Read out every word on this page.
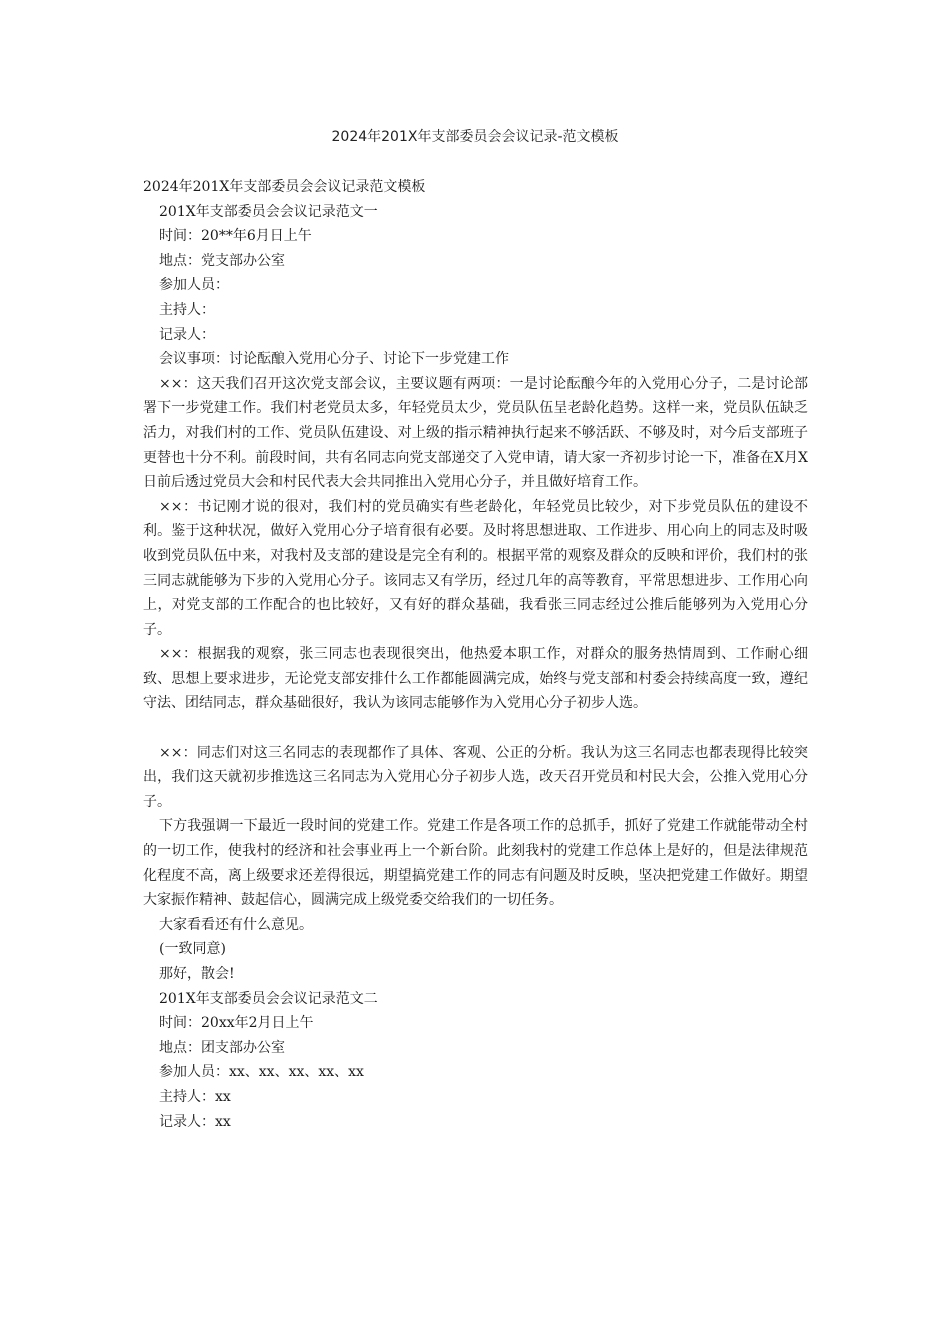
2024年201X年支部委员会会议记录-范文模板

2024年201X年支部委员会会议记录范文模板

201X年支部委员会会议记录范文一

时间：20**年6月日上午

地点：党支部办公室

参加人员：

主持人：

记录人：

会议事项：讨论酝酿入党用心分子、讨论下一步党建工作

××：这天我们召开这次党支部会议，主要议题有两项：一是讨论酝酿今年的入党用心分子，二是讨论部署下一步党建工作。我们村老党员太多，年轻党员太少，党员队伍呈老龄化趋势。这样一来，党员队伍缺乏活力，对我们村的工作、党员队伍建设、对上级的指示精神执行起来不够活跃、不够及时，对今后支部班子更替也十分不利。前段时间，共有名同志向党支部递交了入党申请，请大家一齐初步讨论一下，准备在X月X日前后透过党员大会和村民代表大会共同推出入党用心分子，并且做好培育工作。

××：书记刚才说的很对，我们村的党员确实有些老龄化，年轻党员比较少，对下步党员队伍的建设不利。鉴于这种状况，做好入党用心分子培育很有必要。及时将思想进取、工作进步、用心向上的同志及时吸收到党员队伍中来，对我村及支部的建设是完全有利的。根据平常的观察及群众的反映和评价，我们村的张三同志就能够为下步的入党用心分子。该同志又有学历，经过几年的高等教育，平常思想进步、工作用心向上，对党支部的工作配合的也比较好，又有好的群众基础，我看张三同志经过公推后能够列为入党用心分子。

××：根据我的观察，张三同志也表现很突出，他热爱本职工作，对群众的服务热情周到、工作耐心细致、思想上要求进步，无论党支部安排什么工作都能圆满完成，始终与党支部和村委会持续高度一致，遵纪守法、团结同志，群众基础很好，我认为该同志能够作为入党用心分子初步人选。

××：同志们对这三名同志的表现都作了具体、客观、公正的分析。我认为这三名同志也都表现得比较突出，我们这天就初步推选这三名同志为入党用心分子初步人选，改天召开党员和村民大会，公推入党用心分子。

下方我强调一下最近一段时间的党建工作。党建工作是各项工作的总抓手，抓好了党建工作就能带动全村的一切工作，使我村的经济和社会事业再上一个新台阶。此刻我村的党建工作总体上是好的，但是法律规范化程度不高，离上级要求还差得很远，期望搞党建工作的同志有问题及时反映，坚决把党建工作做好。期望大家振作精神、鼓起信心，圆满完成上级党委交给我们的一切任务。

大家看看还有什么意见。

(一致同意)

那好，散会!

201X年支部委员会会议记录范文二

时间：20xx年2月日上午

地点：团支部办公室

参加人员：xx、xx、xx、xx、xx

主持人：xx

记录人：xx
